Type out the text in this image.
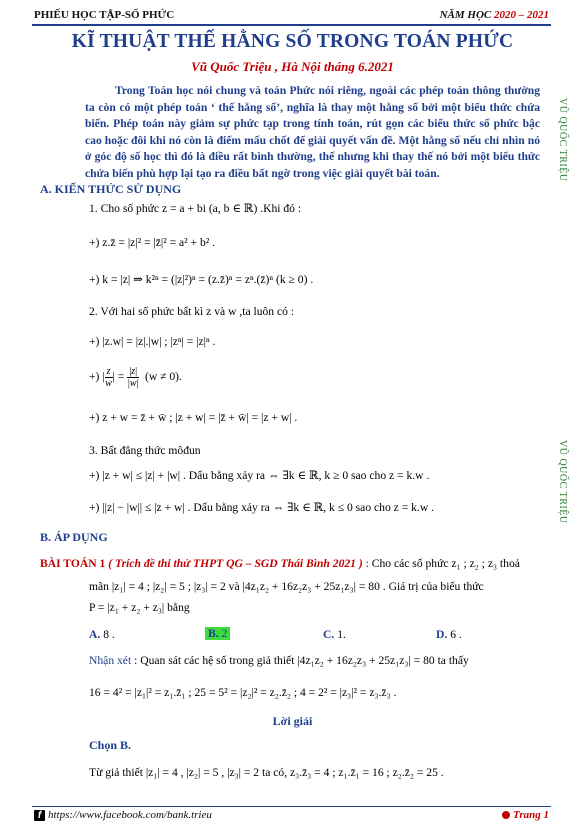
PHIẾU HỌC TẬP-SỐ PHỨC	NĂM HỌC 2020 – 2021
KĨ THUẬT THẾ HẰNG SỐ TRONG TOÁN PHỨC
Vũ Quốc Triệu , Hà Nội tháng 6.2021

Trong Toán học nói chung và toán Phức nói riêng, ngoài các phép toán thông thường ta còn có một phép toán ‘ thế hằng số’, nghĩa là thay một hằng số bởi một biểu thức chứa biến. Phép toán này giảm sự phức tạp trong tính toán, rút gọn các biểu thức số phức bậc cao hoặc đôi khi nó còn là điểm mấu chốt để giải quyết vấn đề. Một hằng số nếu chỉ nhìn nó ở góc độ số học thì đó là điều rất bình thường, thế nhưng khi thay thế nó bởi một biểu thức chứa biến phù hợp lại tạo ra điều bất ngờ trong việc giải quyết bài toán.	VŨ QUỐC TRIỆU
VŨ QUỐC TRIỆU
A. KIẾN THỨC SỬ DỤNG
1. Cho số phức z = a + bi (a, b ∈ ℝ) .Khi đó :
+) z.z̄ = |z|² = |z̄|² = a² + b² .
+) k = |z| ⇒ k²ⁿ = (|z|²)ⁿ = (z.z̄)ⁿ = zⁿ.(z̄)ⁿ (k ≥ 0) .
2. Với hai số phức bất kì z và w ,ta luôn có :
+) |z.w| = |z|.|w| ; |zⁿ| = |z|ⁿ .
+) | $\frac{z}{w}$ | = $\frac{|z|}{|w|} (w \ne 0)$.
+) z + w = z̄ + w̄ ; |z + w| = |z̄ + w̄| = |z + w| .
3. Bất đẳng thức môđun
+) |z + w| ≤ |z| + |w| . Dấu bằng xảy ra ⇔ ∃k ∈ ℝ, k ≥ 0 sao cho z = k.w .
+) ||z| − |w|| ≤ |z + w| . Dấu bằng xảy ra ⇔ ∃k ∈ ℝ, k ≤ 0 sao cho z = k.w .
B. ÁP DỤNG
BÀI TOÁN 1 ( Trích đề thi thử THPT QG – SGD Thái Bình 2021 ) : Cho các số phức z₁ ; z₂ ; z₃ thoả
mãn |z₁| = 4 ; |z₂| = 5 ; |z₃| = 2 và |4z₁z₂ + 16z₂z₃ + 25z₁z₃| = 80 . Giá trị của biểu thức
P = |z₁ + z₂ + z₃| bằng
A. 8 .	B. 2	C. 1.	D. 6 .
Nhận xét : Quan sát các hệ số trong giả thiết |4z₁z₂ + 16z₂z₃ + 25z₁z₃| = 80 ta thấy
16 = 4² = |z₁|² = z₁.z̄₁ ; 25 = 5² = |z₂|² = z₂.z̄₂ ; 4 = 2² = |z₃|² = z₃.z̄₃ .
Lời giải
Chọn B.
Từ giả thiết |z₁| = 4 , |z₂| = 5 , |z₃| = 2 ta có, z₃.z̄₃ = 4 ; z₁.z̄₁ = 16 ; z₂.z̄₂ = 25 .
f https://www.facebook.com/bank.trieu	Trang 1
